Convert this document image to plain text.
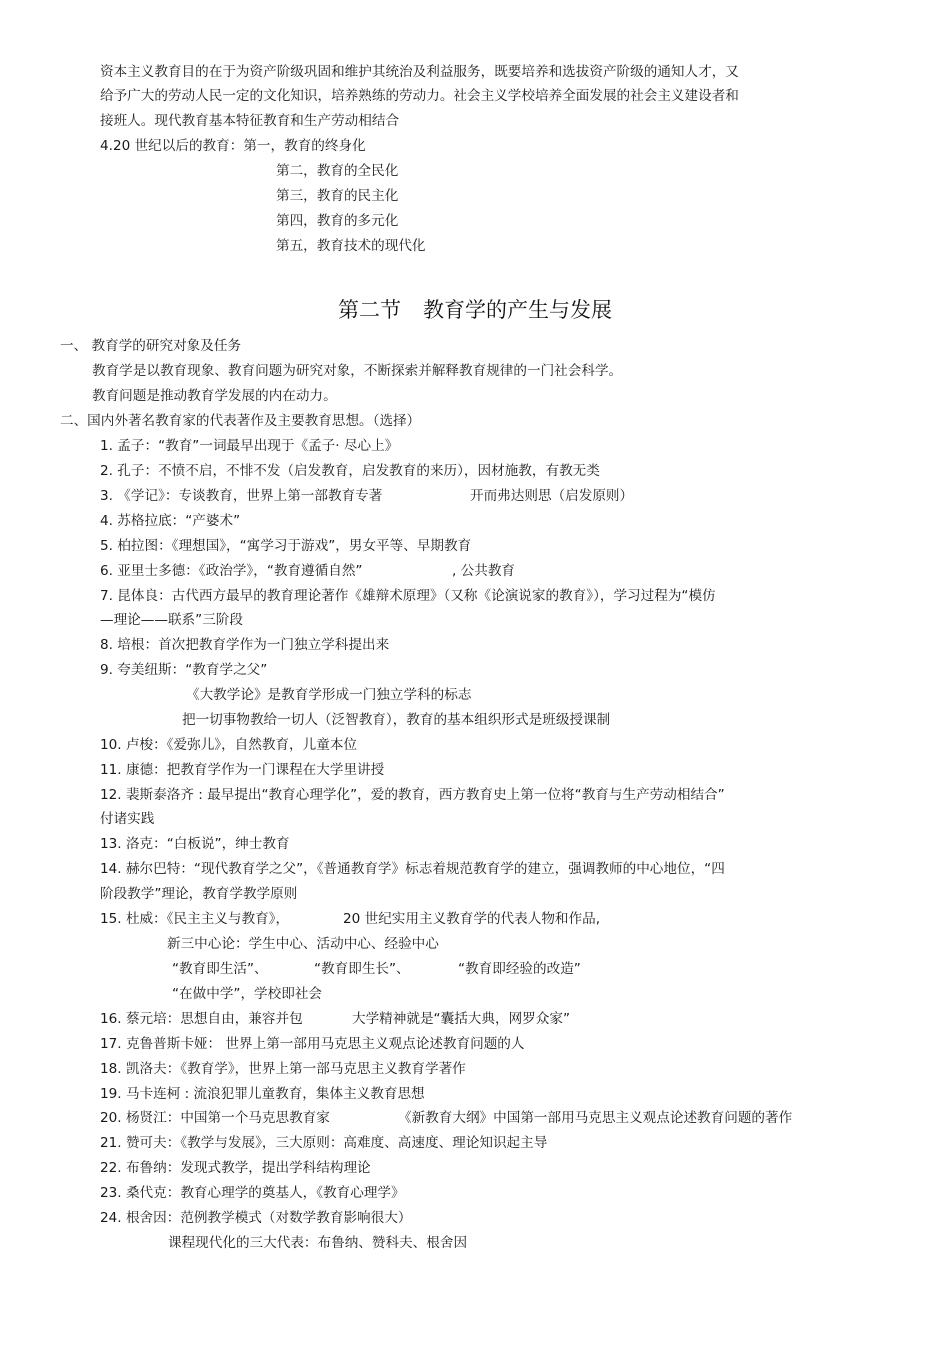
资本主义教育目的在于为资产阶级巩固和维护其统治及利益服务，既要培养和选拔资产阶级的通知人才，又
给予广大的劳动人民一定的文化知识，培养熟练的劳动力。社会主义学校培养全面发展的社会主义建设者和
接班人。现代教育基本特征教育和生产劳动相结合
4.20 世纪以后的教育：第一，教育的终身化
第二，教育的全民化
第三，教育的民主化
第四，教育的多元化
第五，教育技术的现代化
第二节 教育学的产生与发展
一、 教育学的研究对象及任务
教育学是以教育现象、教育问题为研究对象，不断探索并解释教育规律的一门社会科学。
教育问题是推动教育学发展的内在动力。
二、国内外著名教育家的代表著作及主要教育思想。（选择）
1. 孟子：“教育”一词最早出现于《孟子· 尽心上》
2. 孔子：不愤不启，不悱不发（启发教育，启发教育的来历），因材施教，有教无类
3. 《学记》：专谈教育，世界上第一部教育专著	开而弗达则思（启发原则）
4. 苏格拉底：“产婆术”
5. 柏拉图：《理想国》，“寓学习于游戏”，男女平等、早期教育
6. 亚里士多德：《政治学》，“教育遵循自然”	, 公共教育
7. 昆体良：古代西方最早的教育理论著作《雄辩术原理》（又称《论演说家的教育》），学习过程为“模仿
—理论——联系”三阶段
8. 培根：首次把教育学作为一门独立学科提出来
9. 夸美纽斯：“教育学之父”
《大教学论》是教育学形成一门独立学科的标志
把一切事物教给一切人（泛智教育），教育的基本组织形式是班级授课制
10. 卢梭：《爱弥儿》，自然教育，儿童本位
11. 康德：把教育学作为一门课程在大学里讲授
12. 裴斯泰洛齐 : 最早提出“教育心理学化”，爱的教育，西方教育史上第一位将“教育与生产劳动相结合”
付诸实践
13. 洛克：“白板说”，绅士教育
14. 赫尔巴特：“现代教育学之父”，《普通教育学》标志着规范教育学的建立，强调教师的中心地位，“四
阶段教学”理论，教育学教学原则
15. 杜威：《民主主义与教育》，	20 世纪实用主义教育学的代表人物和作品,
新三中心论：学生中心、活动中心、经验中心
“教育即生活”、	“教育即生长”、	“教育即经验的改造”
“在做中学”，学校即社会
16. 蔡元培：思想自由，兼容并包	大学精神就是“囊括大典，网罗众家”
17. 克鲁普斯卡娅： 世界上第一部用马克思主义观点论述教育问题的人
18. 凯洛夫：《教育学》，世界上第一部马克思主义教育学著作
19. 马卡连柯 : 流浪犯罪儿童教育，集体主义教育思想
20. 杨贤江：中国第一个马克思教育家	《新教育大纲》中国第一部用马克思主义观点论述教育问题的著作
21. 赞可夫：《教学与发展》，三大原则：高难度、高速度、理论知识起主导
22. 布鲁纳：发现式教学，提出学科结构理论
23. 桑代克：教育心理学的奠基人，《教育心理学》
24. 根舍因：范例教学模式（对数学教育影响很大）
课程现代化的三大代表：布鲁纳、赞科夫、根舍因
